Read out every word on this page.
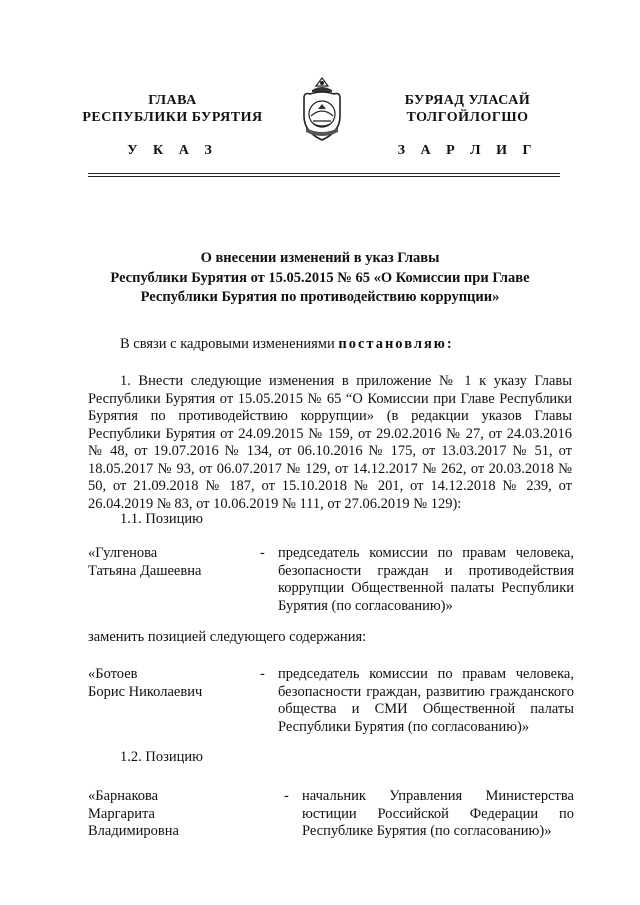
ГЛАВА
РЕСПУБЛИКИ БУРЯТИЯ
БУРЯАД УЛАСАЙ
ТОЛГОЙЛОГШО
У К А З	З А Р Л И Г
О внесении изменений в указ Главы
Республики Бурятия от 15.05.2015 № 65 «О Комиссии при Главе
Республики Бурятия по противодействию коррупции»
В связи с кадровыми изменениями постановляю:
1. Внести следующие изменения в приложение № 1 к указу Главы Республики Бурятия от 15.05.2015 № 65 “О Комиссии при Главе Республики Бурятия по противодействию коррупции» (в редакции указов Главы Республики Бурятия от 24.09.2015 № 159, от 29.02.2016 № 27, от 24.03.2016 № 48, от 19.07.2016 № 134, от 06.10.2016 № 175, от 13.03.2017 № 51, от 18.05.2017 № 93, от 06.07.2017 № 129, от 14.12.2017 № 262, от 20.03.2018 № 50, от 21.09.2018 № 187, от 15.10.2018 № 201, от 14.12.2018 № 239, от 26.04.2019 № 83, от 10.06.2019 № 111, от 27.06.2019 № 129):
1.1. Позицию
«Гулгенова
Татьяна Дашеевна
- председатель комиссии по правам человека, безопасности граждан и противодействия коррупции Общественной палаты Республики Бурятия (по согласованию)»
заменить позицией следующего содержания:
«Ботоев
Борис Николаевич
- председатель комиссии по правам человека, безопасности граждан, развитию гражданского общества и СМИ Общественной палаты Республики Бурятия (по согласованию)»
1.2. Позицию
«Барнакова
Маргарита Владимировна
- начальник Управления Министерства юстиции Российской Федерации по Республике Бурятия (по согласованию)»
